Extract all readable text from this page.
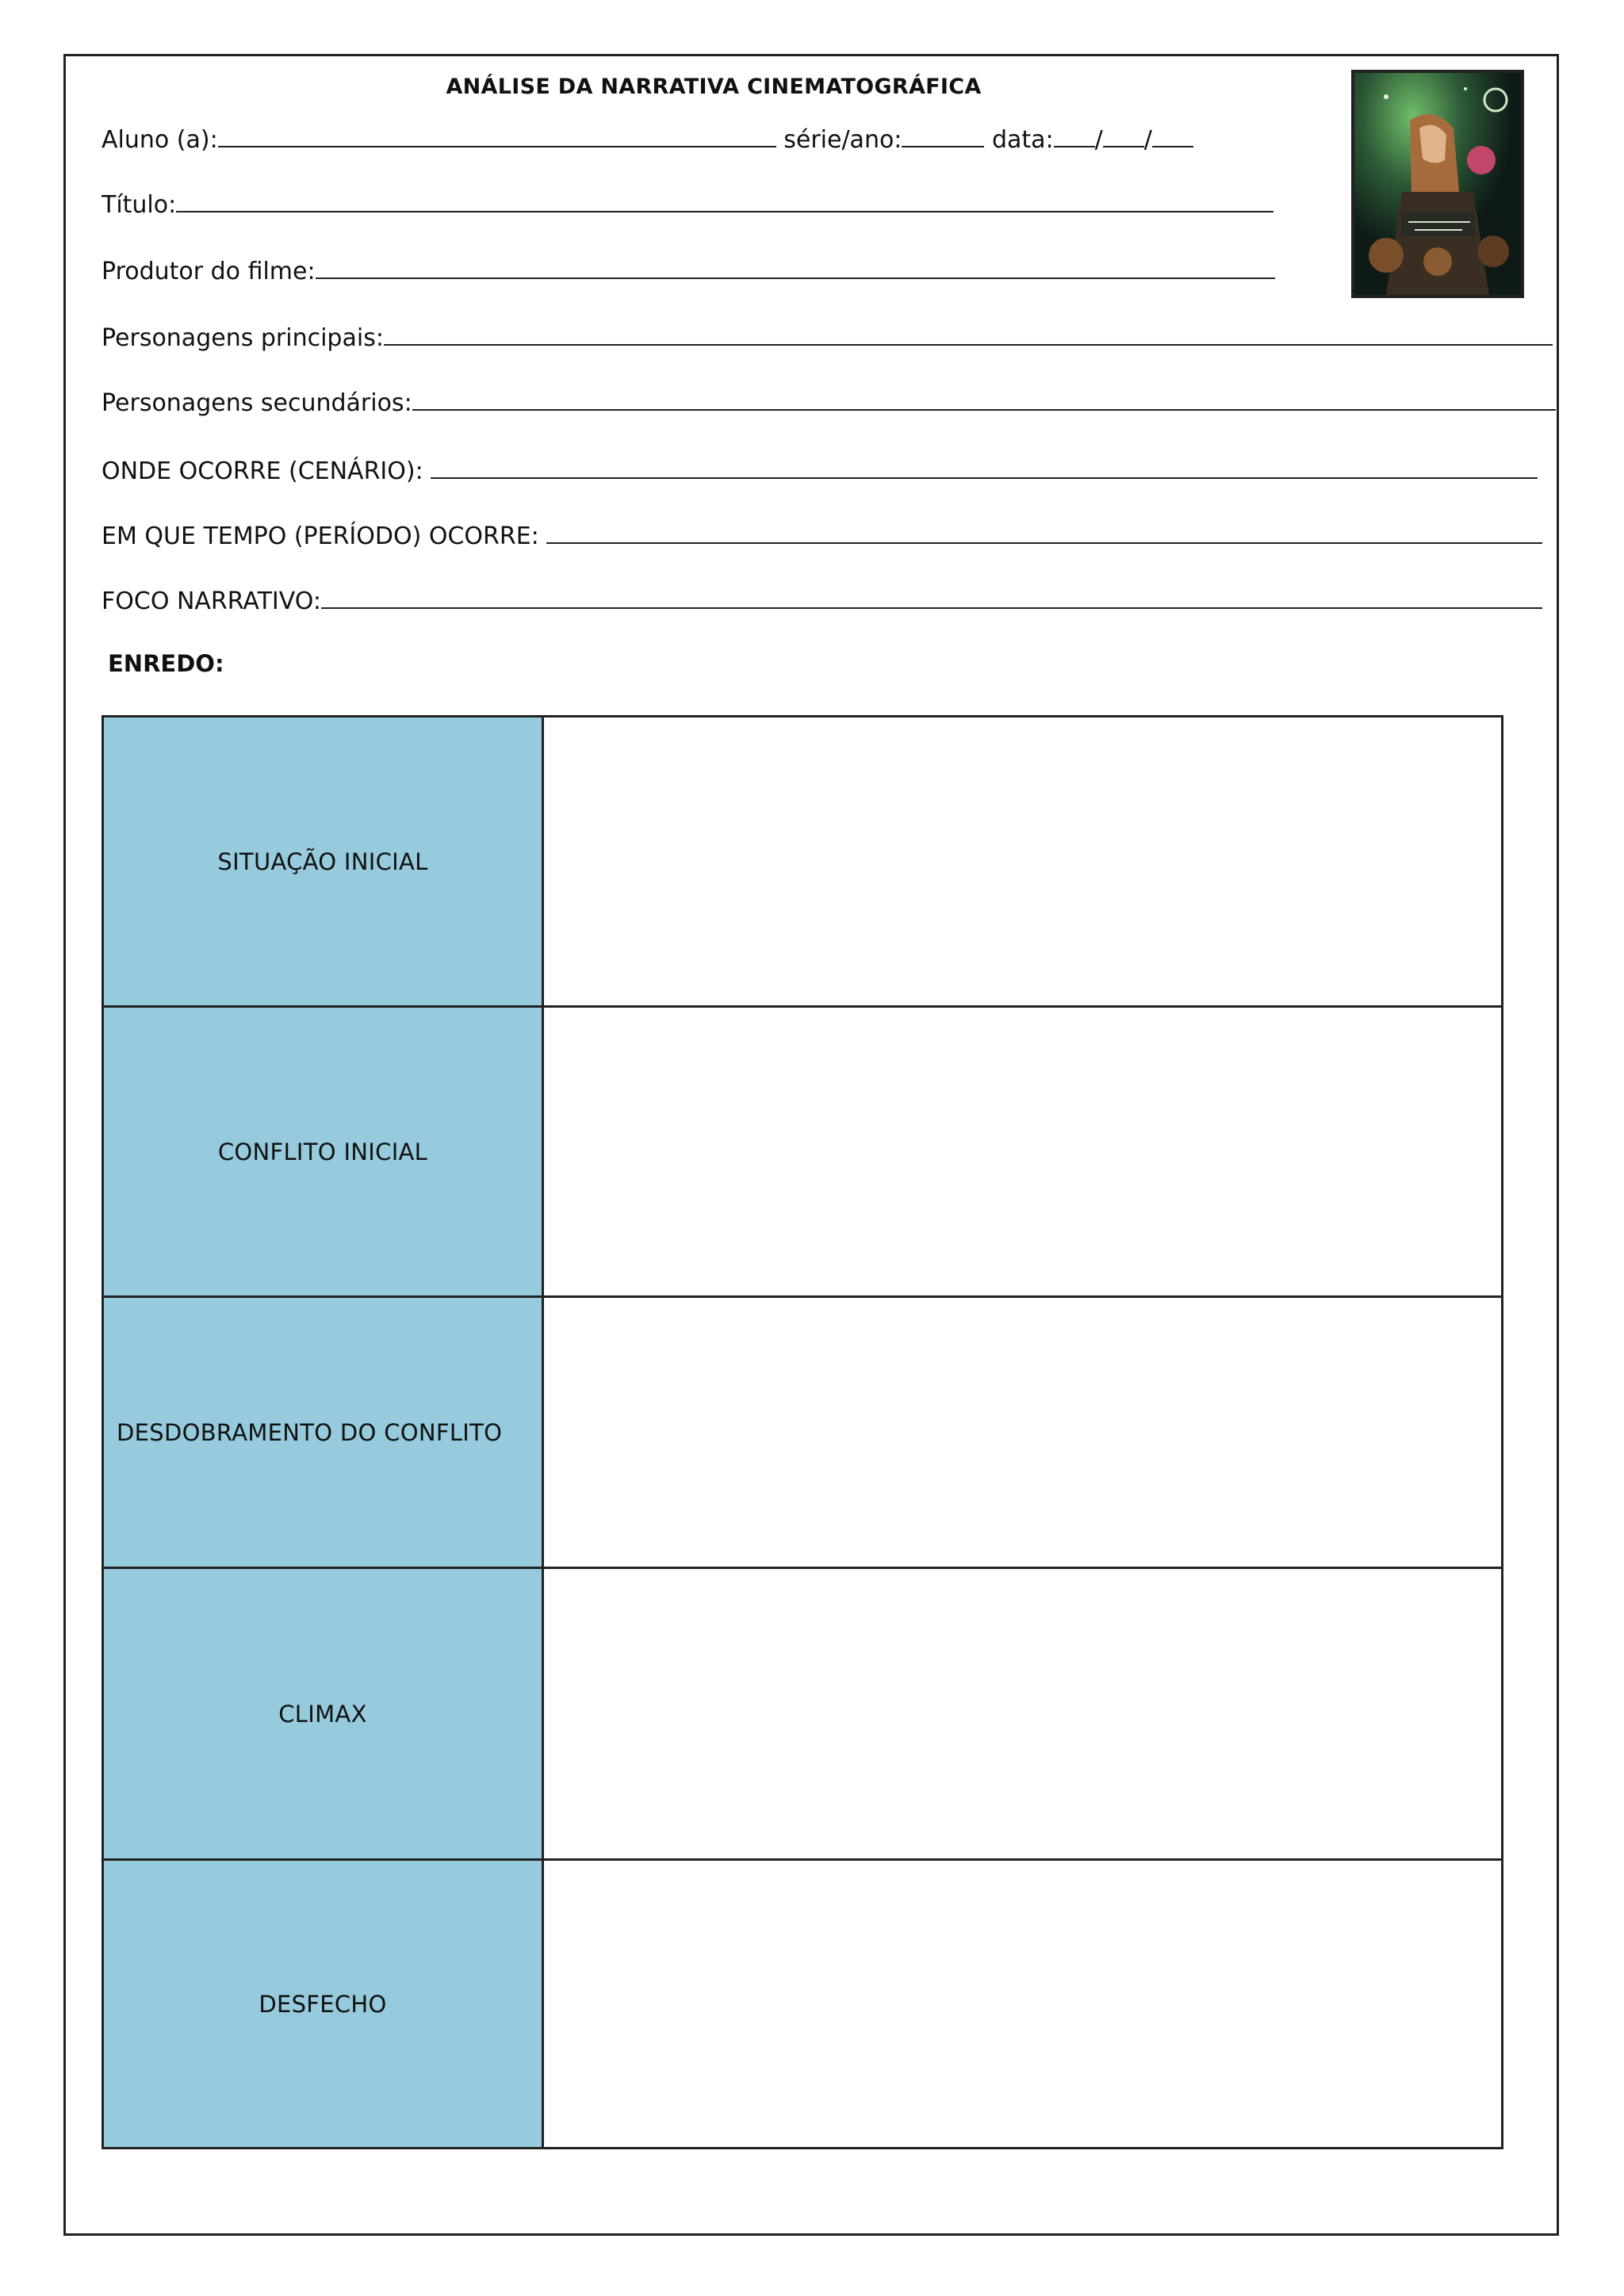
ANÁLISE DA NARRATIVA CINEMATOGRÁFICA
Aluno (a):	série/ano:	data: / /
Título:
Produtor do filme:
Personagens principais:
Personagens secundários:
ONDE OCORRE (CENÁRIO):
EM QUE TEMPO (PERÍODO) OCORRE:
FOCO NARRATIVO:
ENREDO:
SITUAÇÃO INICIAL	
CONFLITO INICIAL	
DESDOBRAMENTO DO CONFLITO	
CLIMAX	
DESFECHO	
